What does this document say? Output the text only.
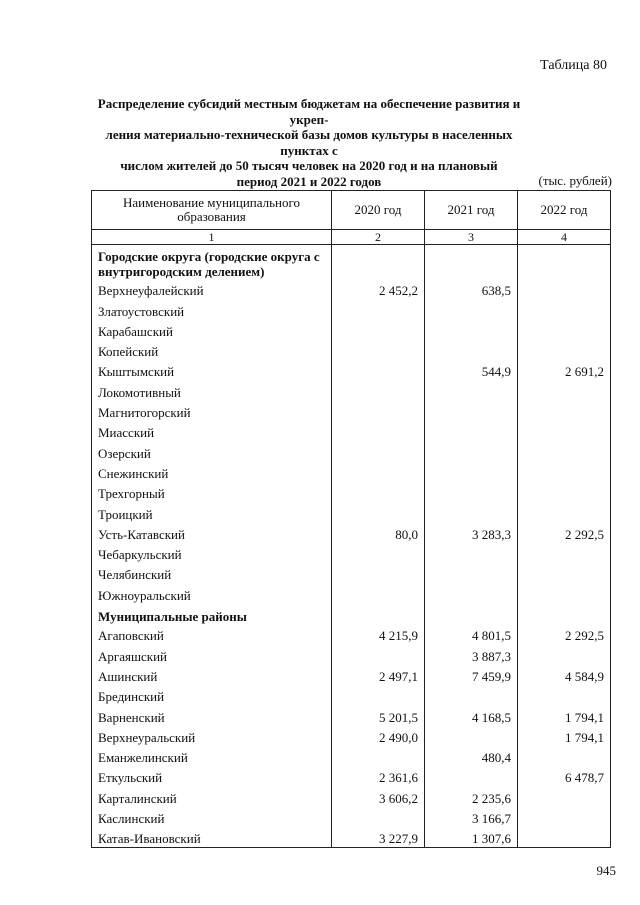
Таблица 80
Распределение субсидий местным бюджетам на обеспечение развития и укреп-
ления материально-технической базы домов культуры в населенных пунктах с
числом жителей до 50 тысяч человек на 2020 год и на плановый
период 2021 и 2022 годов	(тыс. рублей)
Наименование муниципального образования	2020 год	2021 год	2022 год
1	2	3	4
Городские округа (городские округа с внутригородским делением)			
Верхнеуфалейский	2 452,2	638,5	
Златоустовский			
Карабашский			
Копейский			
Кыштымский		544,9	2 691,2
Локомотивный			
Магнитогорский			
Миасский			
Озерский			
Снежинский			
Трехгорный			
Троицкий			
Усть-Катавский	80,0	3 283,3	2 292,5
Чебаркульский			
Челябинский			
Южноуральский			
Муниципальные районы			
Агаповский	4 215,9	4 801,5	2 292,5
Аргаяшский		3 887,3	
Ашинский	2 497,1	7 459,9	4 584,9
Брединский			
Варненский	5 201,5	4 168,5	1 794,1
Верхнеуральский	2 490,0		1 794,1
Еманжелинский		480,4	
Еткульский	2 361,6		6 478,7
Карталинский	3 606,2	2 235,6	
Каслинский		3 166,7	
Катав-Ивановский	3 227,9	1 307,6	
945
